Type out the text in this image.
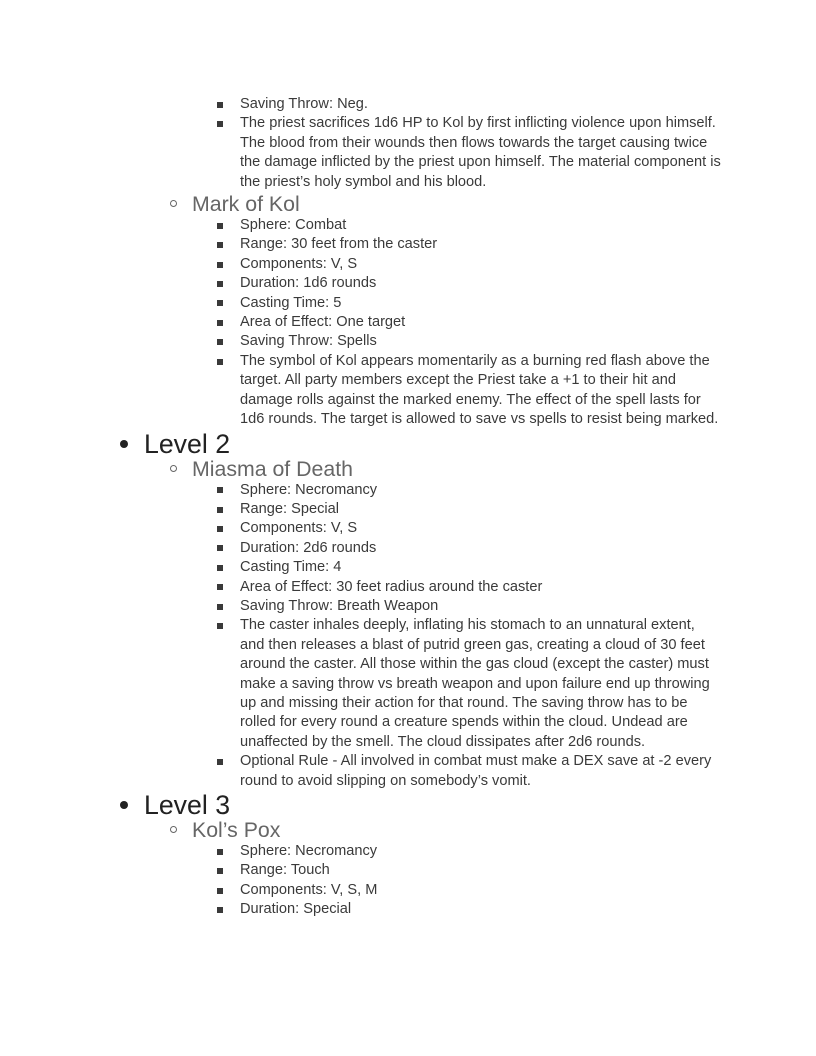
Saving Throw: Neg.
The priest sacrifices 1d6 HP to Kol by first inflicting violence upon himself. The blood from their wounds then flows towards the target causing twice the damage inflicted by the priest upon himself. The material component is the priest’s holy symbol and his blood.
Mark of Kol
Sphere: Combat
Range: 30 feet from the caster
Components: V, S
Duration: 1d6 rounds
Casting Time: 5
Area of Effect: One target
Saving Throw: Spells
The symbol of Kol appears momentarily as a burning red flash above the target. All party members except the Priest take a +1 to their hit and damage rolls against the marked enemy. The effect of the spell lasts for 1d6 rounds. The target is allowed to save vs spells to resist being marked.
Level 2
Miasma of Death
Sphere: Necromancy
Range: Special
Components: V, S
Duration: 2d6 rounds
Casting Time: 4
Area of Effect: 30 feet radius around the caster
Saving Throw: Breath Weapon
The caster inhales deeply, inflating his stomach to an unnatural extent, and then releases a blast of putrid green gas, creating a cloud of 30 feet around the caster. All those within the gas cloud (except the caster) must make a saving throw vs breath weapon and upon failure end up throwing up and missing their action for that round. The saving throw has to be rolled for every round a creature spends within the cloud. Undead are unaffected by the smell. The cloud dissipates after 2d6 rounds.
Optional Rule - All involved in combat must make a DEX save at -2 every round to avoid slipping on somebody’s vomit.
Level 3
Kol’s Pox
Sphere: Necromancy
Range: Touch
Components: V, S, M
Duration: Special
